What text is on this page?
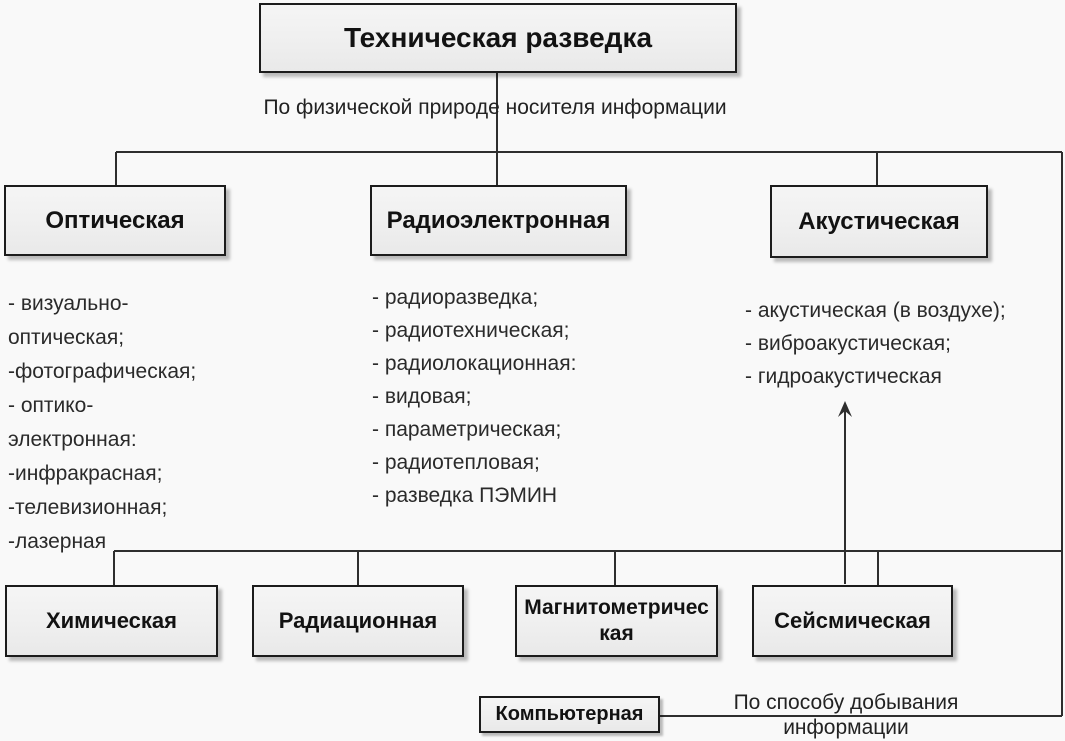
Техническая разведка
По физической природе носителя информации
Оптическая	Радиоэлектронная	Акустическая
- визуально-
оптическая;
-фотографическая;
- оптико-
электронная:
-инфракрасная;
-телевизионная;
-лазерная
- радиоразведка;
- радиотехническая;
- радиолокационная:
- видовая;
- параметрическая;
- радиотепловая;
- разведка ПЭМИН
- акустическая (в воздухе);
- виброакустическая;
- гидроакустическая
Химическая	Радиационная
Магнитометричес кая
Сейсмическая
Компьютерная	По способу добывания
информации
